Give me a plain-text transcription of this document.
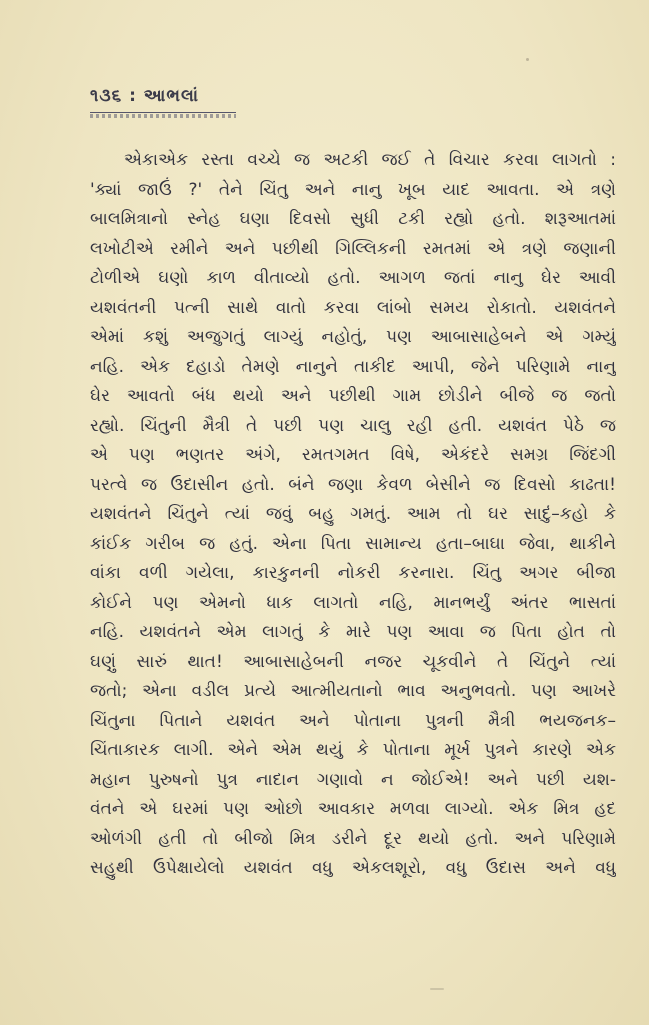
૧૩૬ : આભલાં
એકાએક રસ્તા વચ્ચે જ અટકી જઈ તે વિચાર કરવા લાગતો :
'ક્યાં જાઉં ?' તેને ચિંતુ અને નાનુ ખૂબ યાદ આવતા. એ ત્રણે
બાલમિત્રાનો સ્નેહ ઘણા દિવસો સુધી ટકી રહ્યો હતો. શરૂઆતમાં
લખોટીએ રમીને અને પછીથી ગિલ્લિકની રમતમાં એ ત્રણે જણાની
ટોળીએ ઘણો કાળ વીતાવ્યો હતો. આગળ જતાં નાનુ ઘેર આવી
યશવંતની પત્ની સાથે વાતો કરવા લાંબો સમય રોકાતો. યશવંતને
એમાં કશું અજુગતું લાગ્યું નહોતું, પણ આબાસાહેબને એ ગમ્યું
નહિ. એક દહાડો તેમણે નાનુને તાકીદ આપી, જેને પરિણામે નાનુ
ઘેર આવતો બંધ થયો અને પછીથી ગામ છોડીને બીજે જ જતો
રહ્યો. ચિંતુની મૈત્રી તે પછી પણ ચાલુ રહી હતી. યશવંત પેઠે જ
એ પણ ભણતર અંગે, રમતગમત વિષે, એકંદરે સમગ્ર જિંદગી
પરત્વે જ ઉદાસીન હતો. બંને જણા કેવળ બેસીને જ દિવસો કાઢતા!
યશવંતને ચિંતુને ત્યાં જવું બહુ ગમતું. આમ તો ઘર સાદું–કહો કે
કાંઈક ગરીબ જ હતું. એના પિતા સામાન્ય હતા–બાઘા જેવા, થાકીને
વાંકા વળી ગયેલા, કારકુનની નોકરી કરનારા. ચિંતુ અગર બીજા
કોઈને પણ એમનો ધાક લાગતો નહિ, માનભર્યું અંતર ભાસતાં
નહિ. યશવંતને એમ લાગતું કે મારે પણ આવા જ પિતા હોત તો
ઘણું સારું થાત! આબાસાહેબની નજર ચૂકવીને તે ચિંતુને ત્યાં
જતો; એના વડીલ પ્રત્યે આત્મીયતાનો ભાવ અનુભવતો. પણ આખરે
ચિંતુના પિતાને યશવંત અને પોતાના પુત્રની મૈત્રી ભયજનક–
ચિંતાકારક લાગી. એને એમ થયું કે પોતાના મૂર્ખ પુત્રને કારણે એક
મહાન પુરુષનો પુત્ર નાદાન ગણાવો ન જોઈએ! અને પછી યશ-
વંતને એ ઘરમાં પણ ઓછો આવકાર મળવા લાગ્યો. એક મિત્ર હદ
ઓળંગી હતી તો બીજો મિત્ર ડરીને દૂર થયો હતો. અને પરિણામે
સહુથી ઉપેક્ષાયેલો યશવંત વધુ એકલશૂરો, વધુ ઉદાસ અને વધુ
